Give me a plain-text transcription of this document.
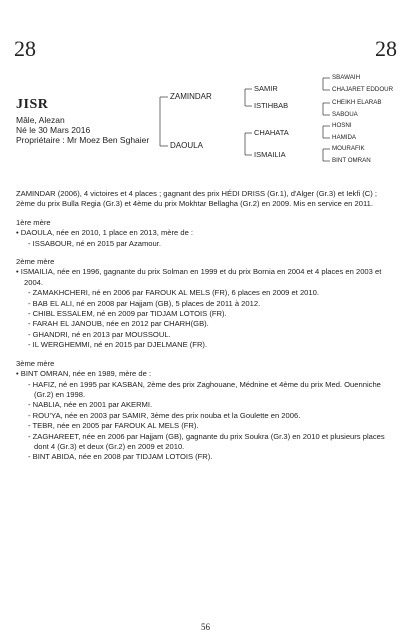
28	28
JISR
Mâle, Alezan
Né le 30 Mars 2016
Propriétaire : Mr Moez Ben Sghaier
ZAMINDAR
DAOULA
SAMIR
ISTIHBAB
CHAHATA
ISMAILIA
SBAWAIH
CHAJARET EDDOUR
CHEIKH ELARAB
SABOUA
HOSNI
HAMIDA
MOURAFIK
BINT OMRAN

ZAMINDAR (2006), 4 victoires et 4 places ; gagnant des prix HÉDI DRISS (Gr.1), d'Alger (Gr.3) et Iekfi (C) ; 2ème du prix Bulla Regia (Gr.3) et 4ème du prix Mokhtar Bellagha (Gr.2) en 2009. Mis en service en 2011.

1ère mère

• DAOULA, née en 2010, 1 place en 2013, mère de :

- ISSABOUR, né en 2015 par Azamour.

2ème mère

• ISMAILIA, née en 1996, gagnante du prix Solman en 1999 et du prix Bornia en 2004 et 4 places en 2003 et 2004.

- ZAMAKHCHERI, né en 2006 par FAROUK AL MELS (FR), 6 places en 2009 et 2010.

- BAB EL ALI, né en 2008 par Hajjam (GB), 5 places de 2011 à 2012.

- CHIBL ESSALEM, né en 2009 par TIDJAM LOTOIS (FR).

- FARAH EL JANOUB, née en 2012 par CHARH(GB).

- GHANDRI, né en 2013 par MOUSSOUL.

- IL WERGHEMMI, né en 2015 par DJELMANE (FR).

3ème mère

• BINT OMRAN, née en 1989, mère de :

- HAFIZ, né en 1995 par KASBAN, 2ème des prix Zaghouane, Médnine et 4ème du prix Med. Ouenniche (Gr.2) en 1998.

- NABLIA, née en 2001 par AKERMI.

- ROU'YA, née en 2003 par SAMIR, 3ème des prix nouba et la Goulette en 2006.

- TEBR, née en 2005 par FAROUK AL MELS (FR).

- ZAGHAREET, née en 2006 par Hajjam (GB), gagnante du prix Soukra (Gr.3) en 2010 et plusieurs places dont 4 (Gr.3) et deux (Gr.2) en 2009 et 2010.

- BINT ABIDA, née en 2008 par TIDJAM LOTOIS (FR).

56
